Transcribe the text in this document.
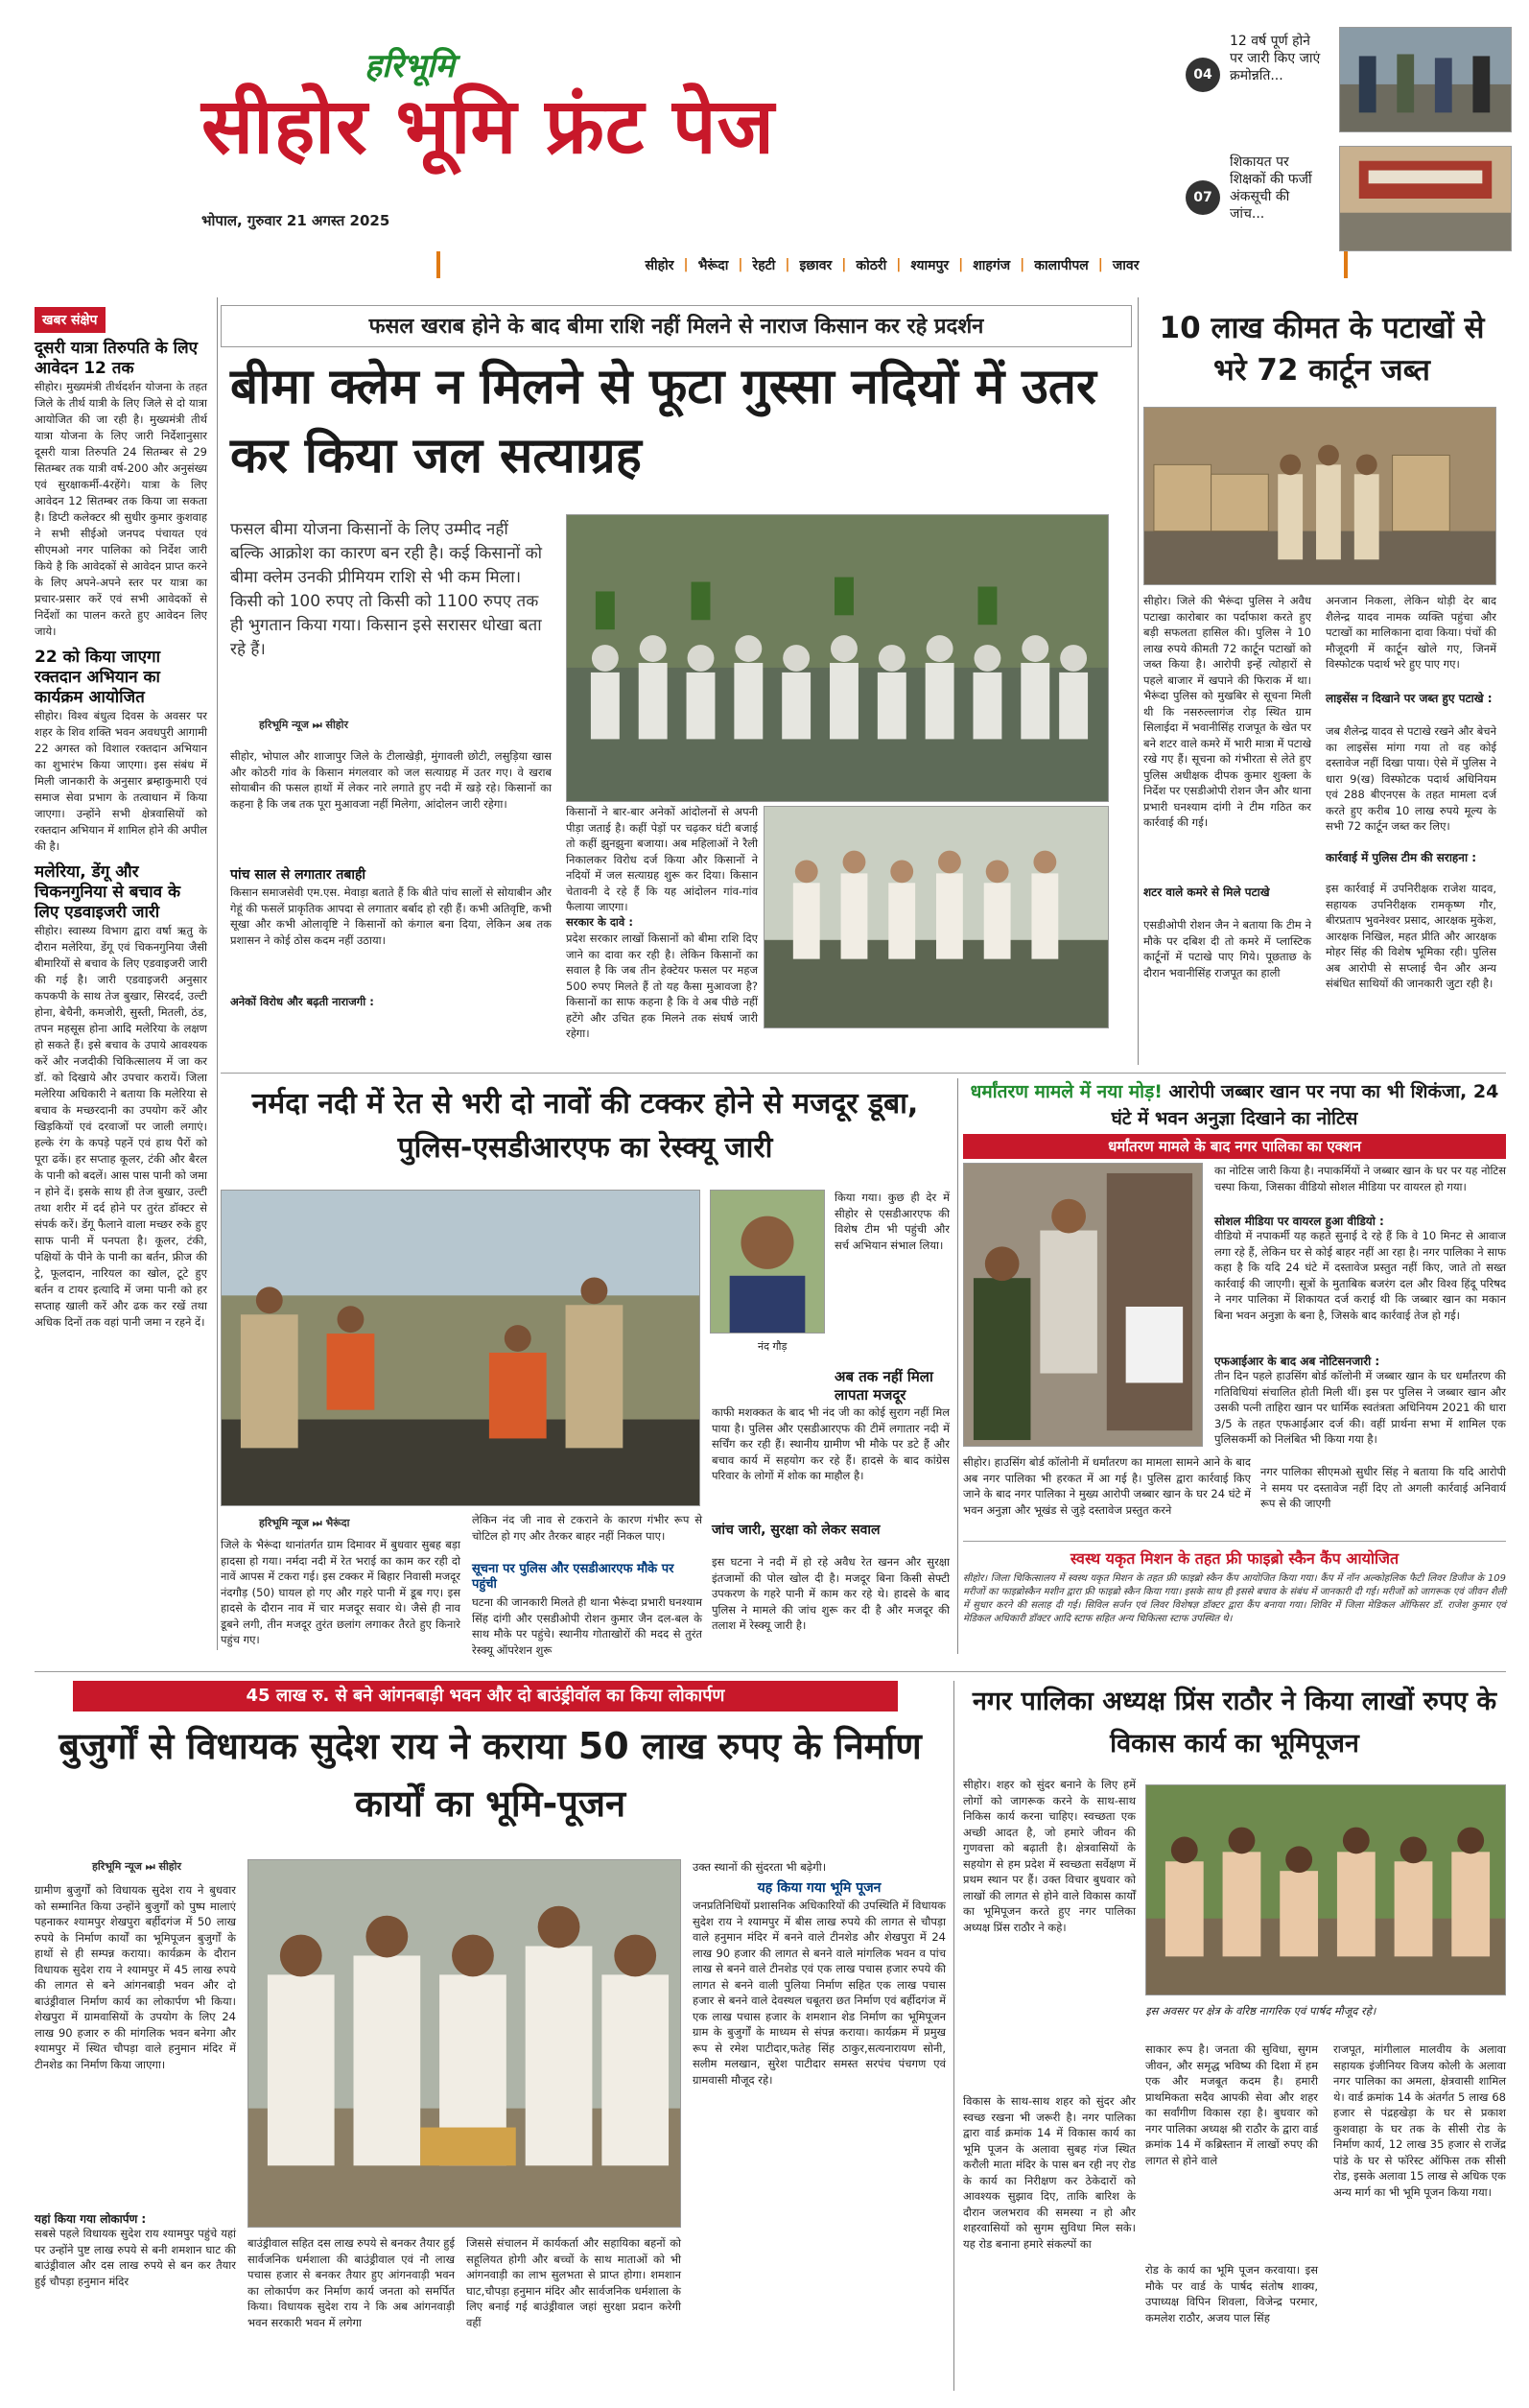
हरिभूमि
सीहोर भूमि फ्रंट पेज
भोपाल, गुरुवार 21 अगस्त 2025
सीहोर | भैरूंदा | रेहटी | इछावर | कोठरी | श्यामपुर | शाहगंज | कालापीपल | जावर
04
12 वर्ष पूर्ण होने पर जारी किए जाएं क्रमोन्नति...
07
शिकायत पर शिक्षकों की फर्जी अंकसूची की जांच...
खबर संक्षेप
दूसरी यात्रा तिरुपति के लिए आवेदन 12 तक
सीहोर। मुख्यमंत्री तीर्थदर्शन योजना के तहत जिले के तीर्थ यात्री के लिए जिले से दो यात्रा आयोजित की जा रही है। मुख्यमंत्री तीर्थ यात्रा योजना के लिए जारी निर्देशानुसार दूसरी यात्रा तिरुपति 24 सितम्बर से 29 सितम्बर तक यात्री वर्ष-200 और अनुसंख्य एवं सुरक्षाकर्मी-4रहेंगे। यात्रा के लिए आवेदन 12 सितम्बर तक किया जा सकता है। डिप्टी कलेक्टर श्री सुधीर कुमार कुशवाह ने सभी सीईओ जनपद पंचायत एवं सीएमओ नगर पालिका को निर्देश जारी किये है कि आवेदकों से आवेदन प्राप्त करने के लिए अपने-अपने स्तर पर यात्रा का प्रचार-प्रसार करें एवं सभी आवेदकों से निर्देशों का पालन करते हुए आवेदन लिए जाये।
22 को किया जाएगा रक्तदान अभियान का कार्यक्रम आयोजित
सीहोर। विश्व बंधुत्व दिवस के अवसर पर शहर के शिव शक्ति भवन अवधपुरी आगामी 22 अगस्त को विशाल रक्तदान अभियान का शुभारंभ किया जाएगा। इस संबंध में मिली जानकारी के अनुसार ब्रम्हाकुमारी एवं समाज सेवा प्रभाग के तत्वाधान में किया जाएगा। उन्होंने सभी क्षेत्रवासियों को रक्तदान अभियान में शामिल होने की अपील की है।
मलेरिया, डेंगू और चिकनगुनिया से बचाव के लिए एडवाइजरी जारी
सीहोर। स्वास्थ्य विभाग द्वारा वर्षा ऋतु के दौरान मलेरिया, डेंगू एवं चिकनगुनिया जैसी बीमारियों से बचाव के लिए एडवाइजरी जारी की गई है। जारी एडवाइजरी अनुसार कपकपी के साथ तेज बुखार, सिरदर्द, उल्टी होना, बेचैनी, कमजोरी, सुस्ती, मितली, ठंड, तपन महसूस होना आदि मलेरिया के लक्षण हो सकते हैं। इसे बचाव के उपाये आवश्यक करें और नजदीकी चिकित्सालय में जा कर डॉ. को दिखाये और उपचार करायें। जिला मलेरिया अधिकारी ने बताया कि मलेरिया से बचाव के मच्छरदानी का उपयोग करें और खिड़कियों एवं दरवाजों पर जाली लगाएं। हल्के रंग के कपड़े पहनें एवं हाथ पैरों को पूरा ढकें। हर सप्ताह कूलर, टंकी और बैरल के पानी को बदलें। आस पास पानी को जमा न होने दें। इसके साथ ही तेज बुखार, उल्टी तथा शरीर में दर्द होने पर तुरंत डॉक्टर से संपर्क करें। डेंगू फैलाने वाला मच्छर रुके हुए साफ पानी में पनपता है। कूलर, टंकी, पक्षियों के पीने के पानी का बर्तन, फ्रीज की ट्रे, फूलदान, नारियल का खोल, टूटे हुए बर्तन व टायर इत्यादि में जमा पानी को हर सप्ताह खाली करें और ढक कर रखें तथा अधिक दिनों तक वहां पानी जमा न रहने दें।
फसल खराब होने के बाद बीमा राशि नहीं मिलने से नाराज किसान कर रहे प्रदर्शन
बीमा क्लेम न मिलने से फूटा गुस्सा नदियों में उतर कर किया जल सत्याग्रह
फसल बीमा योजना किसानों के लिए उम्मीद नहीं बल्कि आक्रोश का कारण बन रही है। कई किसानों को बीमा क्लेम उनकी प्रीमियम राशि से भी कम मिला। किसी को 100 रुपए तो किसी को 1100 रुपए तक ही भुगतान किया गया। किसान इसे सरासर धोखा बता रहे हैं।
हरिभूमि न्यूज ⏭ सीहोर
सीहोर, भोपाल और शाजापुर जिले के टीलाखेड़ी, मुंगावली छोटी, लसुड़िया खास और कोठरी गांव के किसान मंगलवार को जल सत्याग्रह में उतर गए। वे खराब सोयाबीन की फसल हाथों में लेकर नारे लगाते हुए नदी में खड़े रहे। किसानों का कहना है कि जब तक पूरा मुआवजा नहीं मिलेगा, आंदोलन जारी रहेगा।
पांच साल से लगातार तबाही
किसान समाजसेवी एम.एस. मेवाड़ा बताते हैं कि बीते पांच सालों से सोयाबीन और गेहूं की फसलें प्राकृतिक आपदा से लगातार बर्बाद हो रही हैं। कभी अतिवृष्टि, कभी सूखा और कभी ओलावृष्टि ने किसानों को कंगाल बना दिया, लेकिन अब तक प्रशासन ने कोई ठोस कदम नहीं उठाया।
अनेकों विरोध और बढ़ती नाराजगी :
किसानों ने बार-बार अनेकों आंदोलनों से अपनी पीड़ा जताई है। कहीं पेड़ों पर चढ़कर घंटी बजाई तो कहीं झुनझुना बजाया। अब महिलाओं ने रैली निकालकर विरोध दर्ज किया और किसानों ने नदियों में जल सत्याग्रह शुरू कर दिया। किसान चेतावनी दे रहे हैं कि यह आंदोलन गांव-गांव फैलाया जाएगा।
सरकार के दावे :
प्रदेश सरकार लाखों किसानों को बीमा राशि दिए जाने का दावा कर रही है। लेकिन किसानों का सवाल है कि जब तीन हेक्टेयर फसल पर महज 500 रुपए मिलते हैं तो यह कैसा मुआवजा है? किसानों का साफ कहना है कि वे अब पीछे नहीं हटेंगे और उचित हक मिलने तक संघर्ष जारी रहेगा।
10 लाख कीमत के पटाखों से भरे 72 कार्टून जब्त
सीहोर। जिले की भैरूंदा पुलिस ने अवैध पटाखा कारोबार का पर्दाफाश करते हुए बड़ी सफलता हासिल की। पुलिस ने 10 लाख रुपये कीमती 72 कार्टून पटाखों को जब्त किया है। आरोपी इन्हें त्योहारों से पहले बाजार में खपाने की फिराक में था। भैरूंदा पुलिस को मुखबिर से सूचना मिली थी कि नसरुल्लागंज रोड़ स्थित ग्राम सिलाईदा में भवानीसिंह राजपूत के खेत पर बने शटर वाले कमरे में भारी मात्रा में पटाखे रखे गए हैं। सूचना को गंभीरता से लेते हुए पुलिस अधीक्षक दीपक कुमार शुक्ला के निर्देश पर एसडीओपी रोशन जैन और थाना प्रभारी घनश्याम दांगी ने टीम गठित कर कार्रवाई की गई।
शटर वाले कमरे से मिले पटाखे
एसडीओपी रोशन जैन ने बताया कि टीम ने मौके पर दबिश दी तो कमरे में प्लास्टिक कार्टूनों में पटाखे पाए गिये। पूछताछ के दौरान भवानीसिंह राजपूत का हाली
अनजान निकला, लेकिन थोड़ी देर बाद शैलेन्द्र यादव नामक व्यक्ति पहुंचा और पटाखों का मालिकाना दावा किया। पंचों की मौजूदगी में कार्टून खोले गए, जिनमें विस्फोटक पदार्थ भरे हुए पाए गए।
लाइसेंस न दिखाने पर जब्त हुए पटाखे :
जब शैलेन्द्र यादव से पटाखे रखने और बेचने का लाइसेंस मांगा गया तो वह कोई दस्तावेज नहीं दिखा पाया। ऐसे में पुलिस ने धारा 9(ख) विस्फोटक पदार्थ अधिनियम एवं 288 बीएनएस के तहत मामला दर्ज करते हुए करीब 10 लाख रुपये मूल्य के सभी 72 कार्टून जब्त कर लिए।
कार्रवाई में पुलिस टीम की सराहना :
इस कार्रवाई में उपनिरीक्षक राजेश यादव, सहायक उपनिरीक्षक रामकृष्ण गौर, बीरप्रताप भुवनेश्वर प्रसाद, आरक्षक मुकेश, आरक्षक निखिल, महत प्रीति और आरक्षक मोहर सिंह की विशेष भूमिका रही। पुलिस अब आरोपी से सप्लाई चैन और अन्य संबंधित साथियों की जानकारी जुटा रही है।
नर्मदा नदी में रेत से भरी दो नावों की टक्कर होने से मजदूर डूबा, पुलिस-एसडीआरएफ का रेस्क्यू जारी
नंद गौड़
किया गया। कुछ ही देर में सीहोर से एसडीआरएफ की विशेष टीम भी पहुंची और सर्च अभियान संभाल लिया।
अब तक नहीं मिला लापता मजदूर
हरिभूमि न्यूज ⏭ भैरूंदा
जिले के भैरूंदा थानांतर्गत ग्राम दिमावर में बुधवार सुबह बड़ा हादसा हो गया। नर्मदा नदी में रेत भराई का काम कर रही दो नावें आपस में टकरा गई। इस टक्कर में बिहार निवासी मजदूर नंदगौड़ (50) घायल हो गए और गहरे पानी में डूब गए। इस हादसे के दौरान नाव में चार मजदूर सवार थे। जैसे ही नाव डूबने लगी, तीन मजदूर तुरंत छलांग लगाकर तैरते हुए किनारे पहुंच गए।
लेकिन नंद जी नाव से टकराने के कारण गंभीर रूप से चोटिल हो गए और तैरकर बाहर नहीं निकल पाए।
सूचना पर पुलिस और एसडीआरएफ मौके पर पहुंची
घटना की जानकारी मिलते ही थाना भैरूंदा प्रभारी घनश्याम सिंह दांगी और एसडीओपी रोशन कुमार जैन दल-बल के साथ मौके पर पहुंचे। स्थानीय गोताखोरों की मदद से तुरंत रेस्क्यू ऑपरेशन शुरू
काफी मशक्कत के बाद भी नंद जी का कोई सुराग नहीं मिल पाया है। पुलिस और एसडीआरएफ की टीमें लगातार नदी में सर्चिंग कर रही हैं। स्थानीय ग्रामीण भी मौके पर डटे हैं और बचाव कार्य में सहयोग कर रहे हैं। हादसे के बाद कांग्रेस परिवार के लोगों में शोक का माहौल है।
जांच जारी, सुरक्षा को लेकर सवाल
इस घटना ने नदी में हो रहे अवैध रेत खनन और सुरक्षा इंतजामों की पोल खोल दी है। मजदूर बिना किसी सेफ्टी उपकरण के गहरे पानी में काम कर रहे थे। हादसे के बाद पुलिस ने मामले की जांच शुरू कर दी है और मजदूर की तलाश में रेस्क्यू जारी है।
धर्मांतरण मामले में नया मोड़! आरोपी जब्बार खान पर नपा का भी शिकंजा, 24 घंटे में भवन अनुज्ञा दिखाने का नोटिस
धर्मांतरण मामले के बाद नगर पालिका का एक्शन
का नोटिस जारी किया है। नपाकर्मियों ने जब्बार खान के घर पर यह नोटिस चस्पा किया, जिसका वीडियो सोशल मीडिया पर वायरल हो गया।
सोशल मीडिया पर वायरल हुआ वीडियो :
वीडियो में नपाकर्मी यह कहते सुनाई दे रहे हैं कि वे 10 मिनट से आवाज लगा रहे हैं, लेकिन घर से कोई बाहर नहीं आ रहा है। नगर पालिका ने साफ कहा है कि यदि 24 घंटे में दस्तावेज प्रस्तुत नहीं किए, जाते तो सख्त कार्रवाई की जाएगी। सूत्रों के मुताबिक बजरंग दल और विश्व हिंदू परिषद ने नगर पालिका में शिकायत दर्ज कराई थी कि जब्बार खान का मकान बिना भवन अनुज्ञा के बना है, जिसके बाद कार्रवाई तेज हो गई।
एफआईआर के बाद अब नोटिसनजारी :
तीन दिन पहले हाउसिंग बोर्ड कॉलोनी में जब्बार खान के घर धर्मांतरण की गतिविधियां संचालित होती मिली थीं। इस पर पुलिस ने जब्बार खान और उसकी पत्नी ताहिरा खान पर धार्मिक स्वतंत्रता अधिनियम 2021 की धारा 3/5 के तहत एफआईआर दर्ज की। वहीं प्रार्थना सभा में शामिल एक पुलिसकर्मी को निलंबित भी किया गया है।
सीहोर। हाउसिंग बोर्ड कॉलोनी में धर्मांतरण का मामला सामने आने के बाद अब नगर पालिका भी हरकत में आ गई है। पुलिस द्वारा कार्रवाई किए जाने के बाद नगर पालिका ने मुख्य आरोपी जब्बार खान के घर 24 घंटे में भवन अनुज्ञा और भूखंड से जुड़े दस्तावेज प्रस्तुत करने
नगर पालिका सीएमओ सुधीर सिंह ने बताया कि यदि आरोपी ने समय पर दस्तावेज नहीं दिए तो अगली कार्रवाई अनिवार्य रूप से की जाएगी
स्वस्थ यकृत मिशन के तहत फ्री फाइब्रो स्कैन कैंप आयोजित
सीहोर। जिला चिकित्सालय में स्वस्थ यकृत मिशन के तहत फ्री फाइब्रो स्कैन कैंप आयोजित किया गया। कैंप में नॉन अल्कोहलिक फैटी लिवर डिजीज के 109 मरीजों का फाइब्रोस्कैन मशीन द्वारा फ्री फाइब्रो स्कैन किया गया। इसके साथ ही इससे बचाव के संबंध में जानकारी दी गई। मरीजों को जागरूक एवं जीवन शैली में सुधार करने की सलाह दी गई। सिविल सर्जन एवं लिवर विशेषज्ञ डॉक्टर द्वारा कैंप बनाया गया। शिविर में जिला मेडिकल ऑफिसर डॉ. राजेश कुमार एवं मेडिकल अधिकारी डॉक्टर आदि स्टाफ सहित अन्य चिकित्सा स्टाफ उपस्थित थे।
45 लाख रु. से बने आंगनबाड़ी भवन और दो बाउंड्रीवॉल का किया लोकार्पण
बुजुर्गों से विधायक सुदेश राय ने कराया 50 लाख रुपए के निर्माण कार्यों का भूमि-पूजन
हरिभूमि न्यूज ⏭ सीहोर
ग्रामीण बुजुर्गों को विधायक सुदेश राय ने बुधवार को सम्मानित किया उन्होंने बुजुर्गों को पुष्प मालाएं पहनाकर श्यामपुर शेखपुरा बर्हीदगंज में 50 लाख रुपये के निर्माण कार्यों का भूमिपूजन बुजुर्गों के हाथों से ही सम्पन्न कराया। कार्यक्रम के दौरान विधायक सुदेश राय ने श्यामपुर में 45 लाख रुपये की लागत से बने आंगनबाड़ी भवन और दो बाउंड्रीवाल निर्माण कार्य का लोकार्पण भी किया। शेखपुरा में ग्रामवासियों के उपयोग के लिए 24 लाख 90 हजार रु की मांगलिक भवन बनेगा और श्यामपुर में स्थित चौपड़ा वाले हनुमान मंदिर में टीनशेड का निर्माण किया जाएगा।
यहां किया गया लोकार्पण :
सबसे पहले विधायक सुदेश राय श्यामपुर पहुंचे यहां पर उन्होंने पुष्ट लाख रुपये से बनी शमशान घाट की बाउंड्रीवाल और दस लाख रुपये से बन कर तैयार हुई चौपड़ा हनुमान मंदिर
बाउंड्रीवाल सहित दस लाख रुपये से बनकर तैयार हुई सार्वजनिक धर्मशाला की बाउंड्रीवाल एवं नौ लाख पचास हजार से बनकर तैयार हुए आंगनवाड़ी भवन का लोकार्पण कर निर्माण कार्य जनता को समर्पित किया। विधायक सुदेश राय ने कि अब आंगनवाड़ी भवन सरकारी भवन में लगेगा
जिससे संचालन में कार्यकर्ता और सहायिका बहनों को सहूलियत होगी और बच्चों के साथ माताओं को भी आंगनवाड़ी का लाभ सुलभता से प्राप्त होगा। शमशान घाट,चौपड़ा हनुमान मंदिर और सार्वजनिक धर्मशाला के लिए बनाई गई बाउंड्रीवाल जहां सुरक्षा प्रदान करेगी वहीं
उक्त स्थानों की सुंदरता भी बढ़ेगी।
यह किया गया भूमि पूजन
जनप्रतिनिधियों प्रशासनिक अधिकारियों की उपस्थिति में विधायक सुदेश राय ने श्यामपुर में बीस लाख रुपये की लागत से चौपड़ा वाले हनुमान मंदिर में बनने वाले टीनशेड और शेखपुरा में 24 लाख 90 हजार की लागत से बनने वाले मांगलिक भवन व पांच लाख से बनने वाले टीनशेड एवं एक लाख पचास हजार रुपये की लागत से बनने वाली पुलिया निर्माण सहित एक लाख पचास हजार से बनने वाले देवस्थल चबूतरा छत निर्माण एवं बर्हीदगंज में एक लाख पचास हजार के शमशान शेड निर्माण का भूमिपूजन ग्राम के बुजुर्गों के माध्यम से संपन्न कराया। कार्यक्रम में प्रमुख रूप से रमेश पाटीदार,फतेह सिंह ठाकुर,सत्यनारायण सोनी, सलीम मलखान, सुरेश पाटीदार समस्त सरपंच पंचगण एवं ग्रामवासी मौजूद रहे।
नगर पालिका अध्यक्ष प्रिंस राठौर ने किया लाखों रुपए के विकास कार्य का भूमिपूजन
सीहोर। शहर को सुंदर बनाने के लिए हमें लोगों को जागरूक करने के साथ-साथ निकिस कार्य करना चाहिए। स्वच्छता एक अच्छी आदत है, जो हमारे जीवन की गुणवत्ता को बढ़ाती है। क्षेत्रवासियों के सहयोग से हम प्रदेश में स्वच्छता सर्वेक्षण में प्रथम स्थान पर हैं। उक्त विचार बुधवार को लाखों की लागत से होने वाले विकास कार्यों का भूमिपूजन करते हुए नगर पालिका अध्यक्ष प्रिंस राठौर ने कहे।
विकास के साथ-साथ शहर को सुंदर और स्वच्छ रखना भी जरूरी है। नगर पालिका द्वारा वार्ड क्रमांक 14 में विकास कार्य का भूमि पूजन के अलावा सुबह गंज स्थित करौली माता मंदिर के पास बन रही नए रोड के कार्य का निरीक्षण कर ठेकेदारों को आवश्यक सुझाव दिए, ताकि बारिश के दौरान जलभराव की समस्या न हो और शहरवासियों को सुगम सुविधा मिल सके। यह रोड बनाना हमारे संकल्पों का
इस अवसर पर क्षेत्र के वरिष्ठ नागरिक एवं पार्षद मौजूद रहे।
साकार रूप है। जनता की सुविधा, सुगम जीवन, और समृद्ध भविष्य की दिशा में हम एक और मजबूत कदम है। हमारी प्राथमिकता सदैव आपकी सेवा और शहर का सर्वांगीण विकास रहा है। बुधवार को नगर पालिका अध्यक्ष श्री राठौर के द्वारा वार्ड क्रमांक 14 में कब्रिस्तान में लाखों रुपए की लागत से होने वाले
रोड के कार्य का भूमि पूजन करवाया। इस मौके पर वार्ड के पार्षद संतोष शाक्य, उपाध्यक्ष विपिन शिवला, विजेन्द्र परमार, कमलेश राठौर, अजय पाल सिंह
राजपूत, मांगीलाल मालवीय के अलावा सहायक इंजीनियर विजय कोली के अलावा नगर पालिका का अमला, क्षेत्रवासी शामिल थे। वार्ड क्रमांक 14 के अंतर्गत 5 लाख 68 हजार से पंद्रहखेड़ा के घर से प्रकाश कुशवाहा के घर तक के सीसी रोड के निर्माण कार्य, 12 लाख 35 हजार से राजेंद्र पांडे के घर से फॉरेस्ट ऑफिस तक सीसी रोड, इसके अलावा 15 लाख से अधिक एक अन्य मार्ग का भी भूमि पूजन किया गया।
